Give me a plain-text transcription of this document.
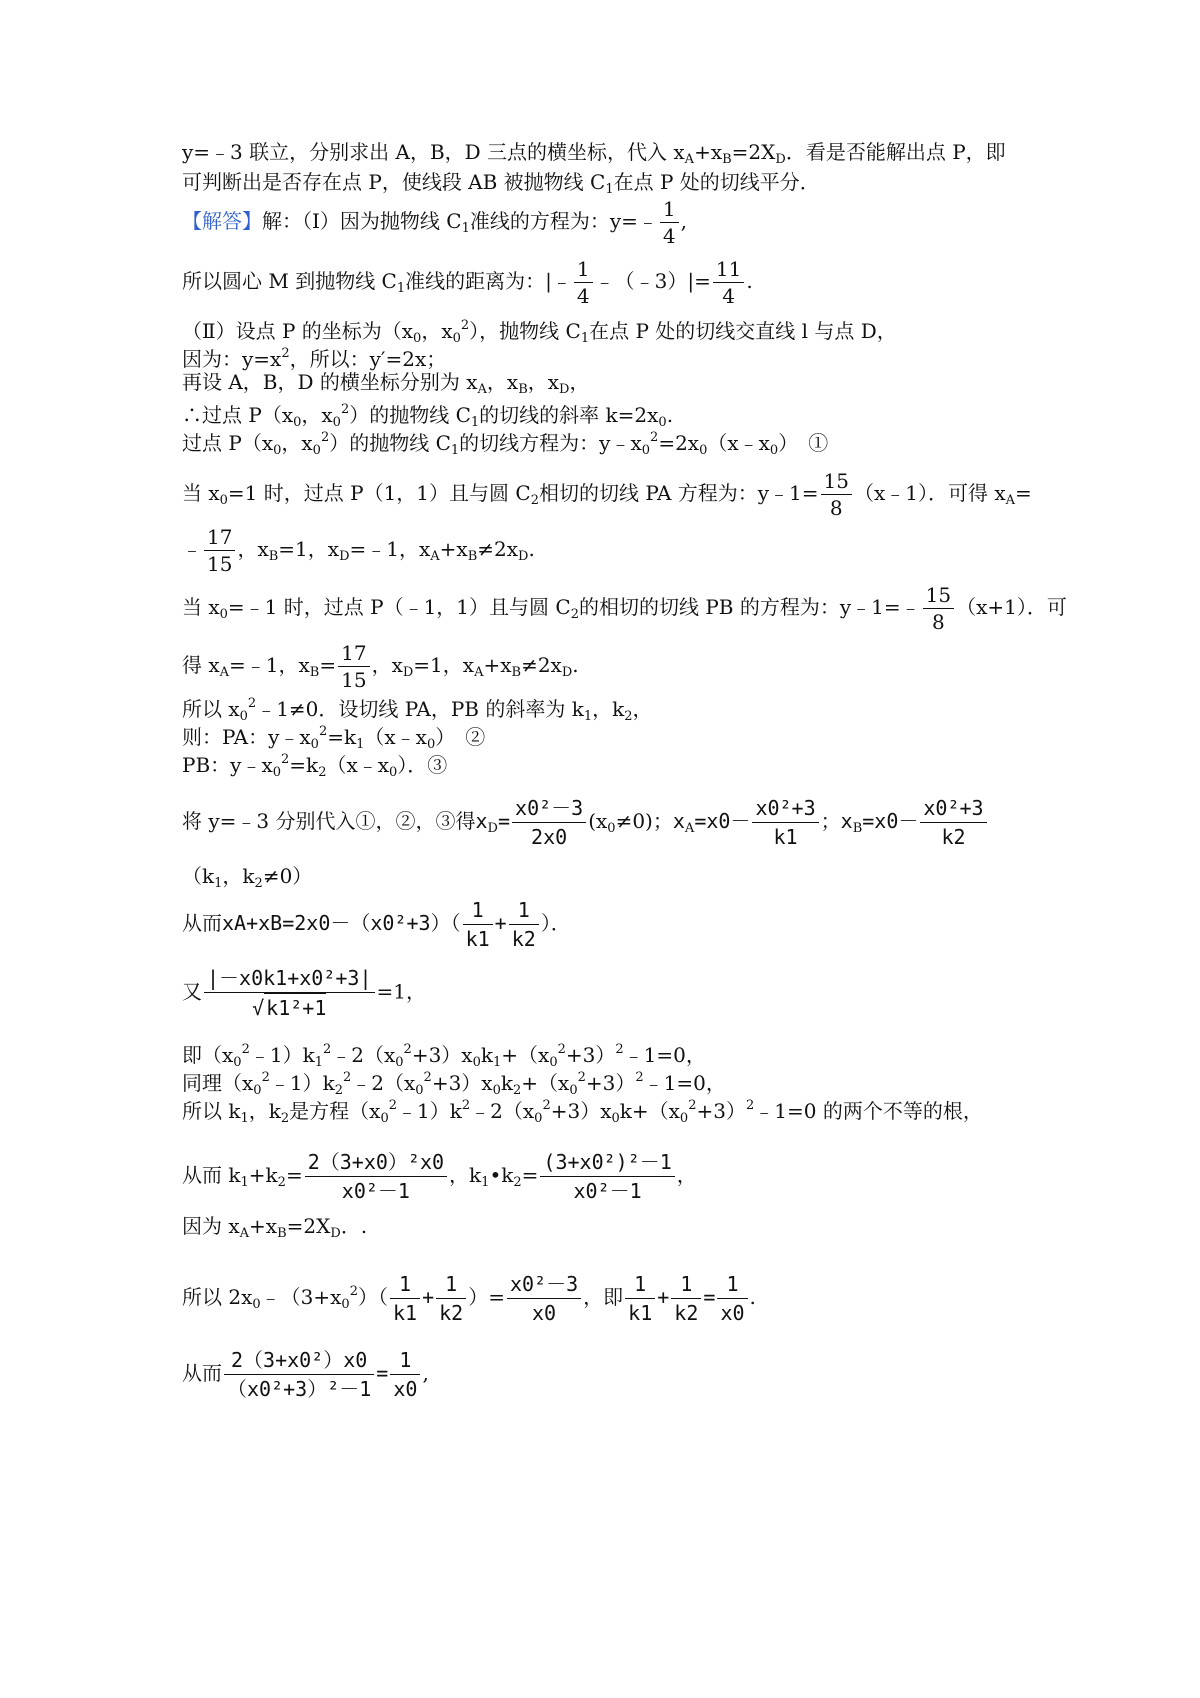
y=﹣3 联立，分别求出 A，B，D 三点的横坐标，代入 $x_A+x_B=2X_D$．看是否能解出点 P，即
可判断出是否存在点 P，使线段 AB 被抛物线 $C_1$在点 P 处的切线平分．
【解答】解：（Ⅰ）因为抛物线 $C_1$准线的方程为：y=﹣ $\frac{1}{4}$ ,
所以圆心 M 到抛物线 $C_1$准线的距离为：|﹣ $\frac{1}{4}$ ﹣（﹣3）|= $\frac{11}{4}$ .
（Ⅱ）设点 P 的坐标为（$x_0$，$x_0^2$），抛物线 $C_1$在点 P 处的切线交直线 l 与点 D，
因为：$y=x^2$，所以：y′=2x；
再设 A，B，D 的横坐标分别为 $x_A$，$x_B$，$x_D$，
∴过点 $P(x_0$，$x_0^2$）的抛物线 $C_1$的切线的斜率 $k=2x_0$.
过点 $P(x_0$，$x_0^2$）的抛物线 $C_1$的切线方程为：$y﹣x_0^2=2x_0(x﹣x_0)$　①
当 $x_0=1$ 时，过点 P（1，1）且与圆 $C_2$相切的切线 PA 方程为：y﹣1= $\frac{15}{8}$ （x﹣1）．可得 $x_A=$
﹣ $\frac{17}{15}$ ，$x_B=1$，$x_D=﹣1$，$x_A+x_B\ne 2x_D$.
当 $x_0=﹣1$ 时，过点 P（﹣1，1）且与圆 $C_2$的相切的切线 PB 的方程为：y﹣1=﹣ $\frac{15}{8} (x+1)$．可
得 $x_A=﹣1$，$x_B= \frac{17}{15}$ ，$x_D=1$，$x_A+x_B\ne 2x_D$.
所以 $x_0^2﹣1\ne 0$．设切线 PA，PB 的斜率为 $k_1$，$k_2$，
则：PA：$y﹣x_0^2=k_1(x﹣x_0)$　②
PB：$y﹣x_0^2=k_2(x﹣x_0)$．③
将 y=﹣3 分别代入①，②，③得$x_D= \frac{\text{x0²－3}}{2x0} (x_0\ne 0)$；$x_A=x0- \frac{\text{x0²+3}}{k1}$ ；$x_B=x0- \frac{\text{x0²+3}}{k2}$
（$k_1$，$k_2\ne 0$）
从而$xA+xB=2x0-(x0^2+3)( \frac{1}{k1} + \frac{1}{k2}$ ）．
又 $\frac{\text{|－x0k1+x0²+3|}}{\text{√ k1²+1}} =1$，
即$(x_0^2﹣1)k_1^2﹣2(x_0^2+3)x_0k_1+(x_0^2+3)^2﹣1=0$，
同理$(x_0^2﹣1)k_2^2﹣2(x_0^2+3)x_0k_2+(x_0^2+3)^2﹣1=0$，
所以 $k_1$，$k_2$是方程$(x_0^2﹣1)k^2﹣2(x_0^2+3)x_0k+(x_0^2+3)^2﹣1=0$ 的两个不等的根，
从而 $k_1+k_2= \frac{\text{2（3+x0）²x0}}{\text{x0²－1}}$ ，$k_1•k_2= \frac{\text{(3+x0²)²－1}}{\text{x0²－1}}$ ，
因为 $x_A+x_B=2X_D$．.
所以 $2x_0﹣(3+x_0^2)( \frac{1}{k1} + \frac{1}{k2}$ ）= $\frac{\text{x0²－3}}{x0}$ ，即 $\frac{1}{k1} + \frac{1}{k2} = \frac{1}{x0}$ .
从而 $\frac{\text{2（3+x0²）x0}}{\text{（x0²+3）²－1}} = \frac{1}{x0}$ ,
